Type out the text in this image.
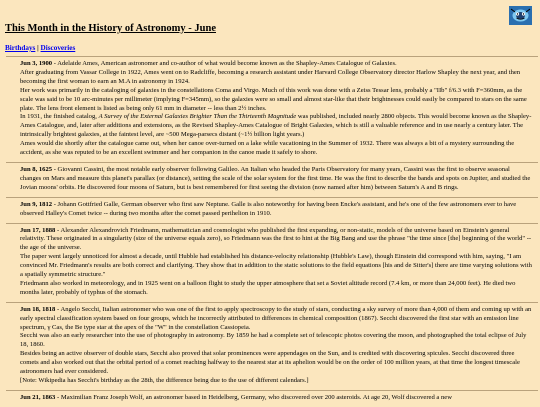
This Month in the History of Astronomy - June
Birthdays | Discoveries

Jun 3, 1900 - Adelaide Ames, American astronomer and co-author of what would become known as the Shapley-Ames Catalogue of Galaxies.

After graduating from Vassar College in 1922, Ames went on to Radcliffe, becoming a research assistant under Harvard College Observatory director Harlow Shapley the next year, and then becoming the first woman to earn an M.A in astronomy in 1924.

Her work was primarily in the cataloging of galaxies in the constellations Coma and Virgo. Much of this work was done with a Zeiss Tessar lens, probably a "IIb" f/6.3 with F=360mm, as the scale was said to be 10 arc-minutes per millimeter (implying F=345mm), so the galaxies were so small and almost star-like that their brightnesses could easily be compared to stars on the same plate. The lens front element is listed as being only 61 mm in diameter -- less than 2½ inches.

In 1931, the finished catalog, A Survey of the External Galaxies Brighter Than the Thirteenth Magnitude was published, included nearly 2800 objects. This would become known as the Shapley-Ames Catalogue, and, later after additions and extensions, as the Revised Shapley-Ames Catalogue of Bright Galaxies, which is still a valuable reference and in use nearly a century later. The intrinsically brightest galaxies, at the faintest level, are ~500 Mega-parsecs distant (~1½ billion light years.)

Ames would die shortly after the catalogue came out, when her canoe over-turned on a lake while vacationing in the Summer of 1932. There was always a bit of a mystery surrounding the accident, as she was reputed to be an excellent swimmer and her companion in the canoe made it safely to shore.

Jun 8, 1625 - Giovanni Cassini, the most notable early observer following Galileo. An Italian who headed the Paris Observatory for many years, Cassini was the first to observe seasonal changes on Mars and measure this planet's parallax (or distance), setting the scale of the solar system for the first time. He was the first to describe the bands and spots on Jupiter, and studied the Jovian moons' orbits. He discovered four moons of Saturn, but is best remembered for first seeing the division (now named after him) between Saturn's A and B rings.

Jun 9, 1812 - Johann Gottfried Galle, German observer who first saw Neptune. Galle is also noteworthy for having been Encke's assistant, and he's one of the few astronomers ever to have observed Halley's Comet twice -- during two months after the comet passed perihelion in 1910.

Jun 17, 1888 - Alexander Alexandrovich Friedmann, mathematician and cosmologist who published the first expanding, or non-static, models of the universe based on Einstein's general relativity. These originated in a singularity (size of the universe equals zero), so Friedmann was the first to hint at the Big Bang and use the phrase "the time since [the] beginning of the world" -- the age of the universe.

The paper went largely unnoticed for almost a decade, until Hubble had established his distance-velocity relationship (Hubble's Law), though Einstein did correspond with him, saying, "I am convinced Mr. Friedmann's results are both correct and clarifying. They show that in addition to the static solutions to the field equations [his and de Sitter's] there are time varying solutions with a spatially symmetric structure."

Friedmann also worked in meteorology, and in 1925 went on a balloon flight to study the upper atmosphere that set a Soviet altitude record (7.4 km, or more than 24,000 feet). He died two months later, probably of typhus of the stomach.

Jun 18, 1818 - Angelo Secchi, Italian astronomer who was one of the first to apply spectroscopy to the study of stars, conducting a sky survey of more than 4,000 of them and coming up with an early spectral classification system based on four groups, which he incorrectly attributed to differences in chemical composition (1867). Secchi discovered the first star with an emission line spectrum, γ Cas, the Be type star at the apex of the "W" in the constellation Cassiopeia.

Secchi was also an early researcher into the use of photography in astronomy. By 1859 he had a complete set of telescopic photos covering the moon, and photographed the total eclipse of July 18, 1860.

Besides being an active observer of double stars, Secchi also proved that solar prominences were appendages on the Sun, and is credited with discovering spicules. Secchi discovered three comets and also worked out that the orbital period of a comet reaching halfway to the nearest star at its aphelion would be on the order of 100 million years, at that time the longest timescale astronomers had ever considered.

[Note: Wikipedia has Secchi's birthday as the 28th, the difference being due to the use of different calendars.]

Jun 21, 1863 - Maximilian Franz Joseph Wolf, an astronomer based in Heidelberg, Germany, who discovered over 200 asteroids. At age 20, Wolf discovered a new
